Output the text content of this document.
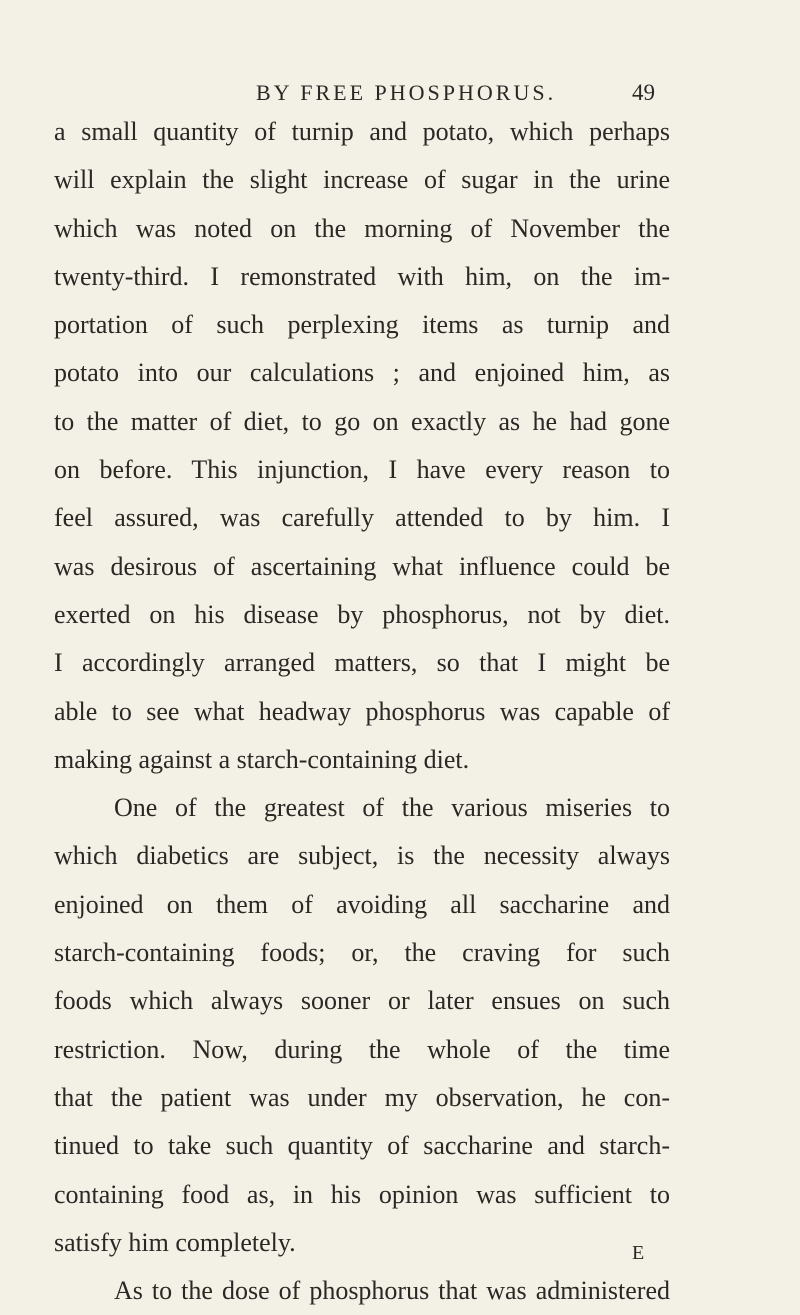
BY FREE PHOSPHORUS.	49
a small quantity of turnip and potato, which perhaps
will explain the slight increase of sugar in the urine
which was noted on the morning of November the
twenty-third. I remonstrated with him, on the im-
portation of such perplexing items as turnip and
potato into our calculations ; and enjoined him, as
to the matter of diet, to go on exactly as he had gone
on before. This injunction, I have every reason to
feel assured, was carefully attended to by him. I
was desirous of ascertaining what influence could be
exerted on his disease by phosphorus, not by diet.
I accordingly arranged matters, so that I might be
able to see what headway phosphorus was capable of
making against a starch-containing diet.
One of the greatest of the various miseries to
which diabetics are subject, is the necessity always
enjoined on them of avoiding all saccharine and
starch-containing foods; or, the craving for such
foods which always sooner or later ensues on such
restriction. Now, during the whole of the time
that the patient was under my observation, he con-
tinued to take such quantity of saccharine and starch-
containing food as, in his opinion was sufficient to
satisfy him completely.
As to the dose of phosphorus that was administered
E
